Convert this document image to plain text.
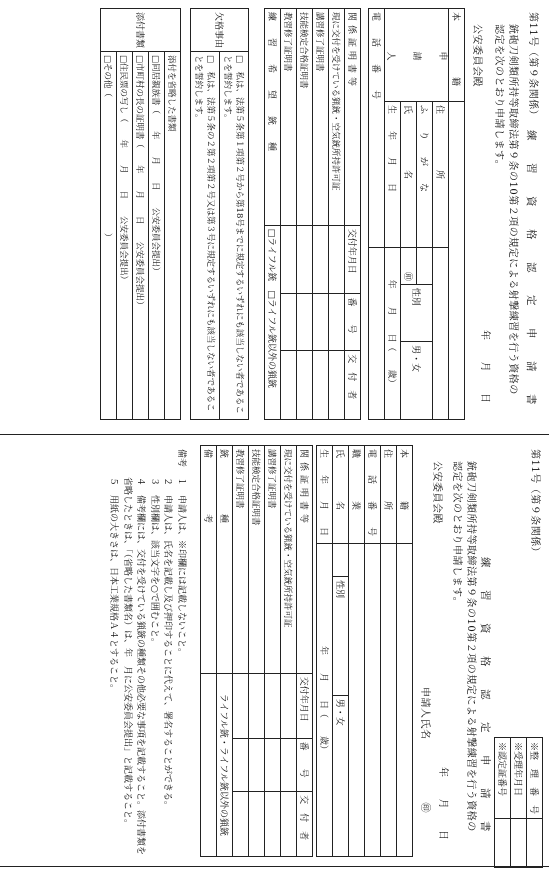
第11号（第９条関係）
練　習　資　格　認　定　申　請　書
銃砲刀剣類所持等取締法第９条の10第２項の規定による射撃練習を行う資格の
認定を次のとおり申請します。
年　　月　　日
公安委員会殿
本　　　　籍				
申　請　人	住　　　　所			
	ふ　り　が　な		性別	男・女
	氏　　　　名	㊞		
	生　年　月　日	年　　月　　日（　　歳）		
電　話　番　号				
関係証明書等	交付年月日	番　　号	交　付　者
現に交付を受けている猟銃・空気銃所持許可証			
講習修了証明書			
技能検定合格証明書			
教習修了証明書			
練　習　希　望　銃　種	□ライフル銃　□ライフル銃以外の猟銃		
欠格事由	□　私は、法第５条第１項第２号から第18号までに規定するいずれにも該当しない者であることを誓約します。
□　私は、法第５条の２第２項第２号又は第３号に規定するいずれにも該当しない者であることを誓約します。
添付書類	添付を省略した書類
□同居親族書（　　年　　月　　日　　公安委員会提出）
□市町村の長の証明書（　　年　　月　　日　　公安委員会提出）
□住民票の写し（　　年　　月　　日　　公安委員会提出）
□その他（　　　　　　　　　　　　　　　　）
第11号（第９条関係）
※整　理　番　号	
※受理年月日	
※認定証番号	
練　習　資　格　認　定　申　請　書
銃砲刀剣類所持等取締法第９条の10第２項の規定による射撃練習を行う資格の
認定を次のとおり申請します。
年　　月　　日
公安委員会殿
申請人氏名　　　　　　㊞
本　　　籍			
住　　　所			
電　話　番　号			
職　　　業			
氏　　　名		性別	男・女
生　年　月　日	年　　月　　日（　　歳）		
関係証明書等	交付年月日	番　　号	交　付　者
現に交付を受けている猟銃・空気銃所持許可証			
講習修了証明書			
技能検定合格証明書			
教習修了証明書			
銃　　　　種	ライフル銃・ライフル銃以外の猟銃		
備　　　　考			
備考
１　申請人は、※印欄には記載しないこと。
２　申請人は、氏名を記載し及び押印することに代えて、署名することができる。
３　性別欄は、該当文字を○で囲むこと。
４　備考欄には、交付を受けている猟銃の種類その他必要な事項を記載すること。添付書類を省略したときは、「（省略した書類名）は、年　月に公安委員会提出」と記載すること。
５　用紙の大きさは、日本工業規格Ａ４とすること。
